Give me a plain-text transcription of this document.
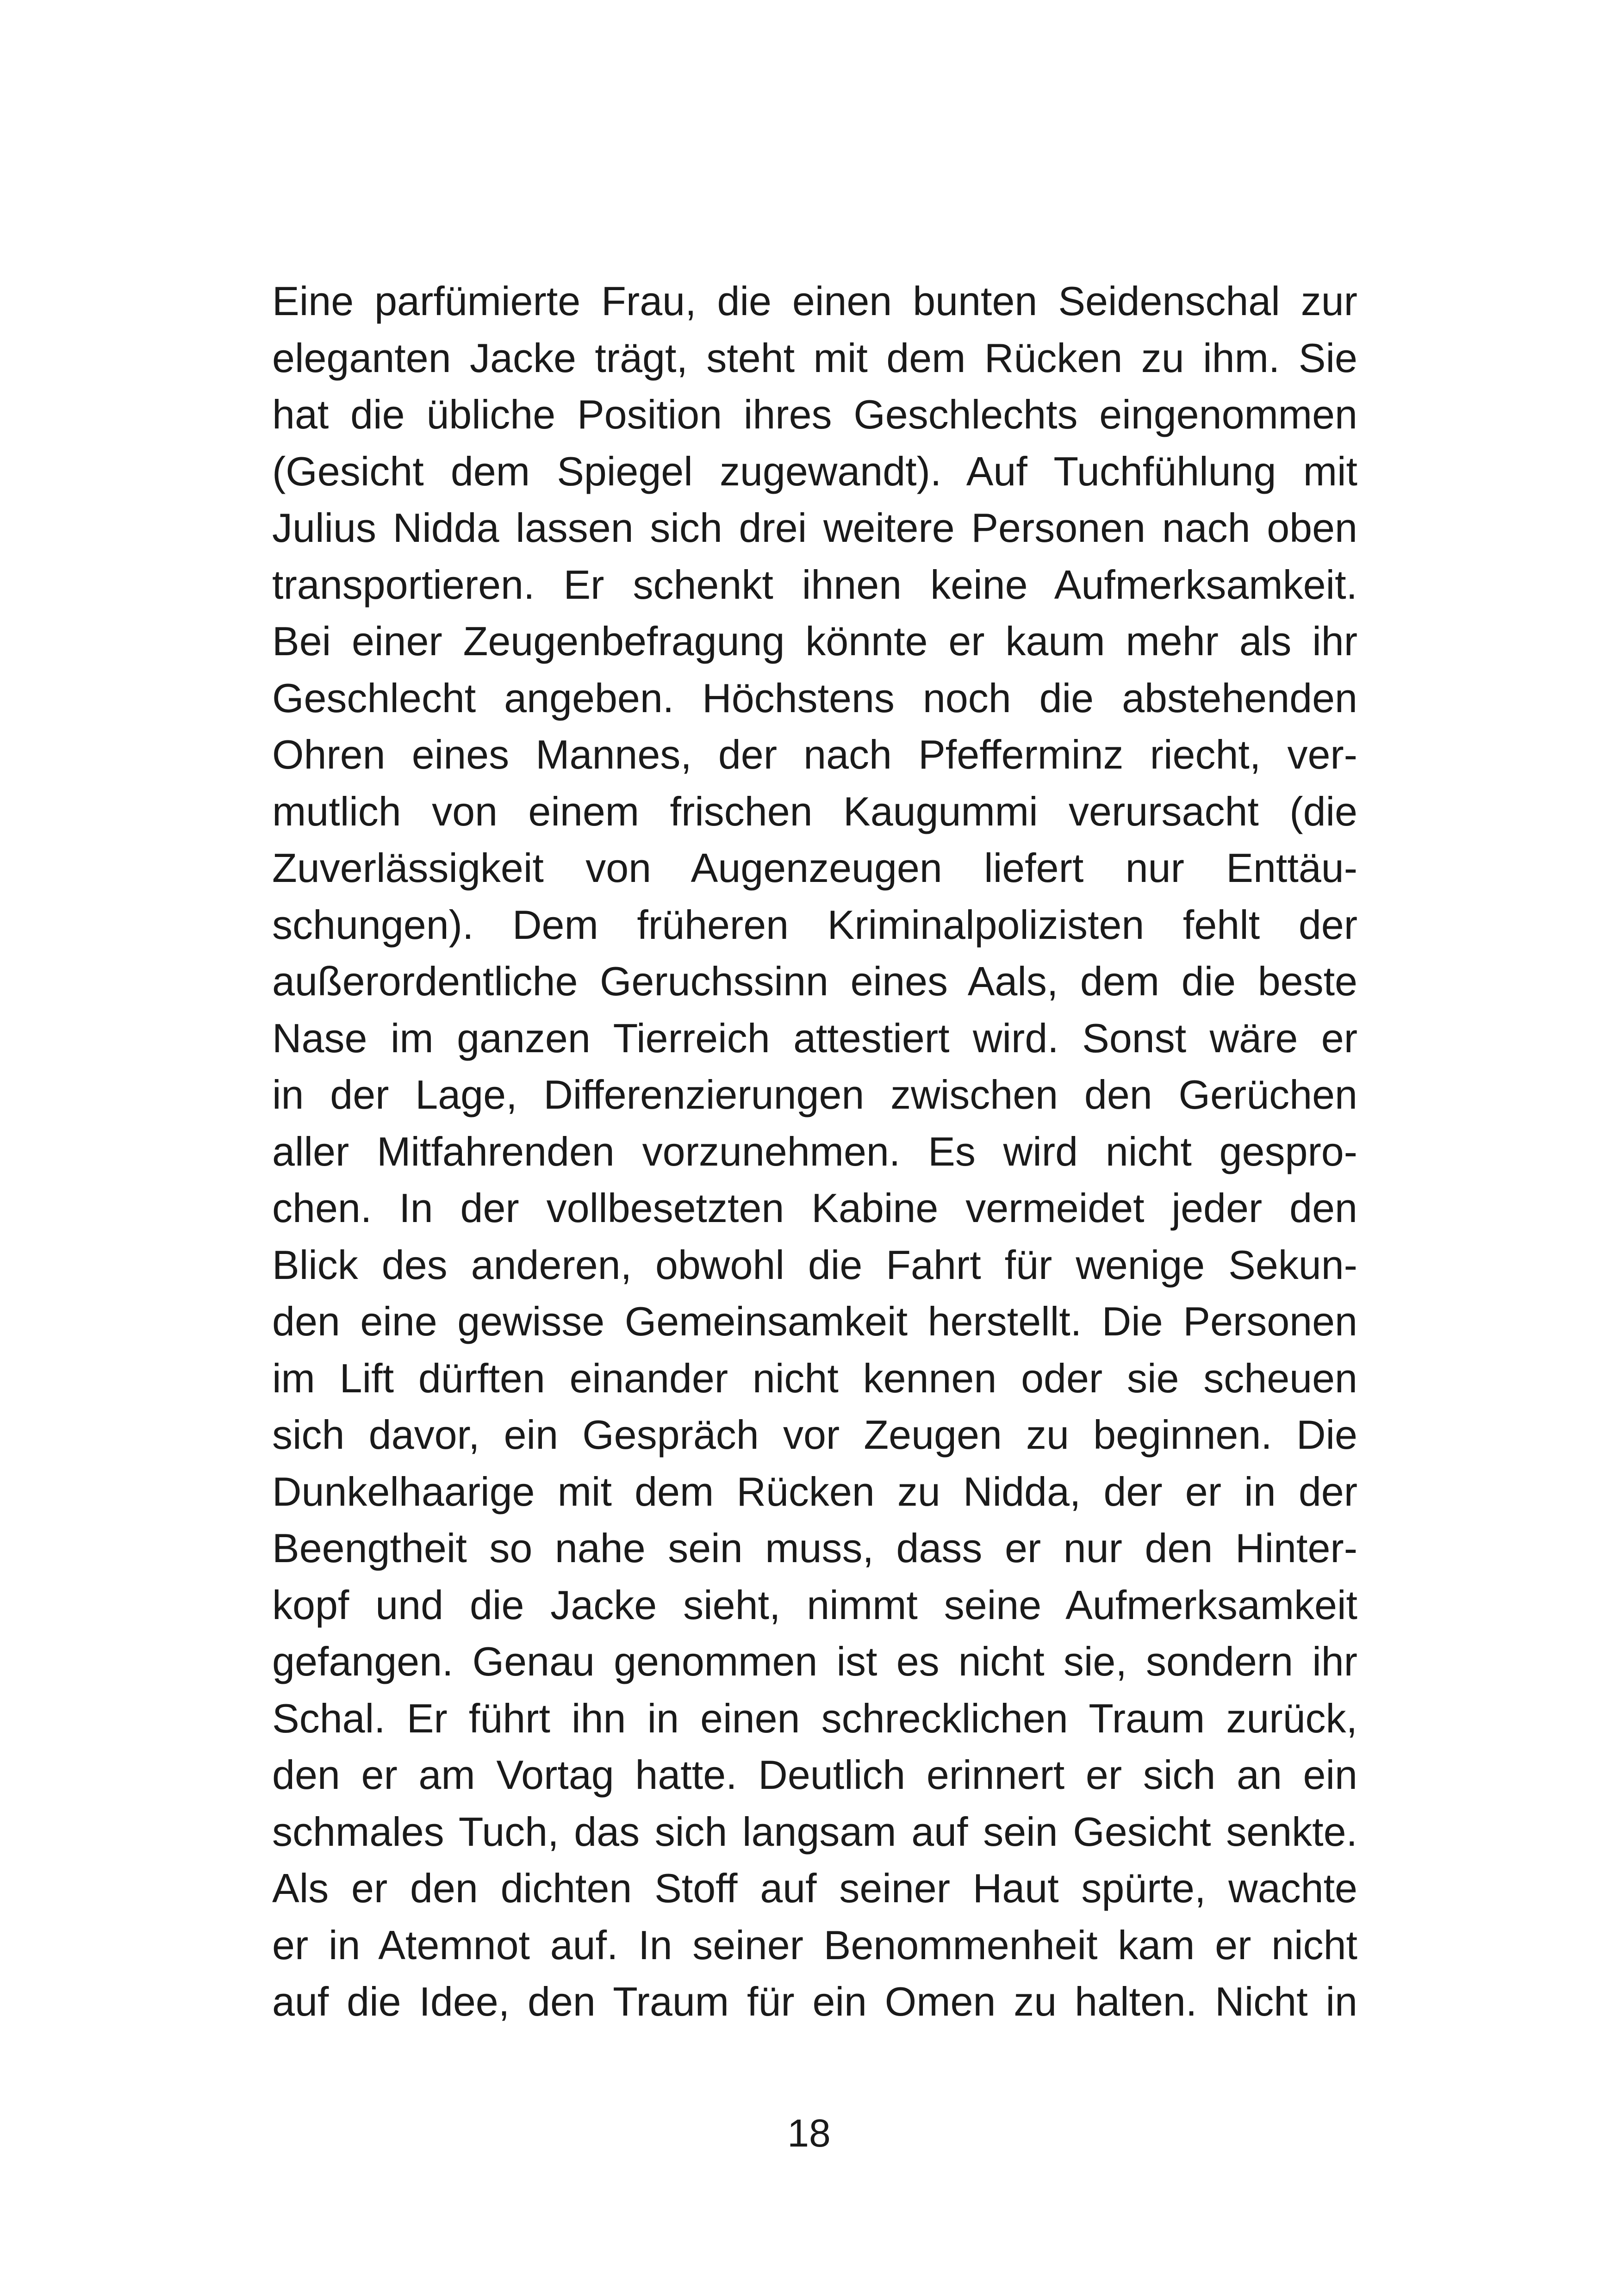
Eine parfümierte Frau, die einen bunten Seidenschal zur
eleganten Jacke trägt, steht mit dem Rücken zu ihm. Sie
hat die übliche Position ihres Geschlechts eingenommen
(Gesicht dem Spiegel zugewandt). Auf Tuchfühlung mit
Julius Nidda lassen sich drei weitere Personen nach oben
transportieren. Er schenkt ihnen keine Aufmerksamkeit.
Bei einer Zeugenbefragung könnte er kaum mehr als ihr
Geschlecht angeben. Höchstens noch die abstehenden
Ohren eines Mannes, der nach Pfefferminz riecht, ver-
mutlich von einem frischen Kaugummi verursacht (die
Zuverlässigkeit von Augenzeugen liefert nur Enttäu-
schungen). Dem früheren Kriminalpolizisten fehlt der
außerordentliche Geruchssinn eines Aals, dem die beste
Nase im ganzen Tierreich attestiert wird. Sonst wäre er
in der Lage, Differenzierungen zwischen den Gerüchen
aller Mitfahrenden vorzunehmen. Es wird nicht gespro-
chen. In der vollbesetzten Kabine vermeidet jeder den
Blick des anderen, obwohl die Fahrt für wenige Sekun-
den eine gewisse Gemeinsamkeit herstellt. Die Personen
im Lift dürften einander nicht kennen oder sie scheuen
sich davor, ein Gespräch vor Zeugen zu beginnen. Die
Dunkelhaarige mit dem Rücken zu Nidda, der er in der
Beengtheit so nahe sein muss, dass er nur den Hinter-
kopf und die Jacke sieht, nimmt seine Aufmerksamkeit
gefangen. Genau genommen ist es nicht sie, sondern ihr
Schal. Er führt ihn in einen schrecklichen Traum zurück,
den er am Vortag hatte. Deutlich erinnert er sich an ein
schmales Tuch, das sich langsam auf sein Gesicht senkte.
Als er den dichten Stoff auf seiner Haut spürte, wachte
er in Atemnot auf. In seiner Benommenheit kam er nicht
auf die Idee, den Traum für ein Omen zu halten. Nicht in
18
